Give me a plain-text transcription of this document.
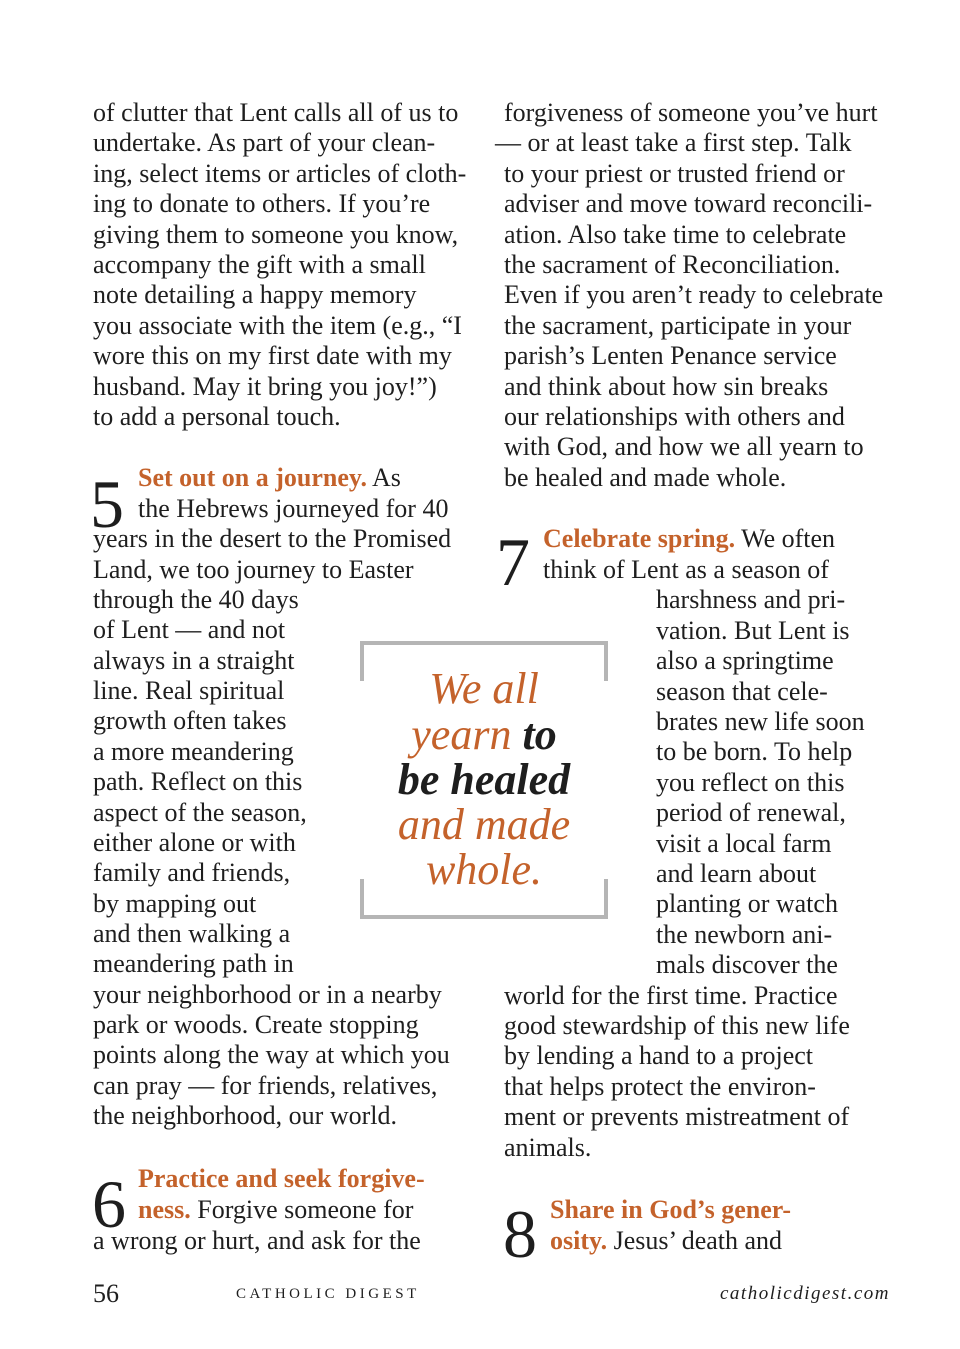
of clutter that Lent calls all of us to
undertake. As part of your clean-
ing, select items or articles of cloth-
ing to donate to others. If you’re
giving them to someone you know,
accompany the gift with a small
note detailing a happy memory
you associate with the item (e.g., “I
wore this on my first date with my
husband. May it bring you joy!”)
to add a personal touch.
the Hebrews journeyed for 40
years in the desert to the Promised
Land, we too journey to Easter
through the 40 days
of Lent — and not
always in a straight
line. Real spiritual
growth often takes
a more meandering
path. Reflect on this
aspect of the season,
either alone or with
family and friends,
by mapping out
and then walking a
meandering path in
your neighborhood or in a nearby
park or woods. Create stopping
points along the way at which you
can pray — for friends, relatives,
the neighborhood, our world.
5 Set out on a journey. As
6 Practice and seek forgive-
ness. Forgive someone for
a wrong or hurt, and ask for the
forgiveness of someone you’ve hurt
— or at least take a first step. Talk
to your priest or trusted friend or
adviser and move toward reconcili-
ation. Also take time to celebrate
the sacrament of Reconciliation.
Even if you aren’t ready to celebrate
the sacrament, participate in your
parish’s Lenten Penance service
and think about how sin breaks
our relationships with others and
with God, and how we all yearn to
be healed and made whole.
think of Lent as a season of
harshness and pri-
vation. But Lent is
also a springtime
season that cele-
brates new life soon
to be born. To help
you reflect on this
period of renewal,
visit a local farm
and learn about
planting or watch
the newborn ani-
mals discover the
world for the first time. Practice
good stewardship of this new life
by lending a hand to a project
that helps protect the environ-
ment or prevents mistreatment of
animals.
7 Celebrate spring. We often
8 Share in God’s gener-
osity. Jesus’ death and
We all
yearn to
be healed
and made
whole.
56	CATHOLIC DIGEST	catholicdigest.com
